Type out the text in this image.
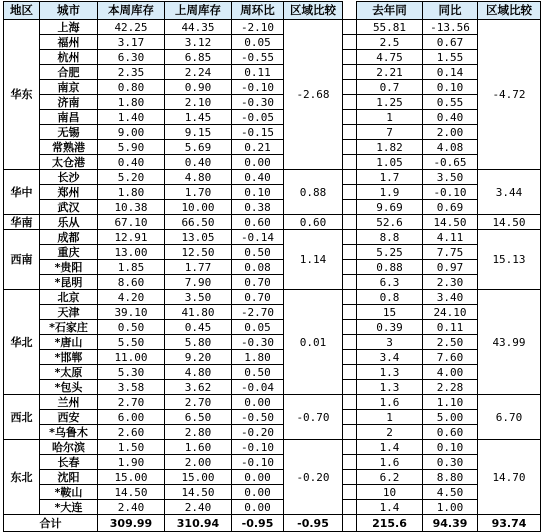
地区	城市	本周库存	上周库存	周环比	区域比较		去年同	同比	区域比较
华东	上海	42.25	44.35	-2.10	-2.68		55.81	-13.56	-4.72
	福州	3.17	3.12	0.05			2.5	0.67	
	杭州	6.30	6.85	-0.55			4.75	1.55	
	合肥	2.35	2.24	0.11			2.21	0.14	
	南京	0.80	0.90	-0.10			0.7	0.10	
	济南	1.80	2.10	-0.30			1.25	0.55	
	南昌	1.40	1.45	-0.05			1	0.40	
	无锡	9.00	9.15	-0.15			7	2.00	
	常熟港	5.90	5.69	0.21			1.82	4.08	
	太仓港	0.40	0.40	0.00			1.05	-0.65	
华中	长沙	5.20	4.80	0.40	0.88		1.7	3.50	3.44
	郑州	1.80	1.70	0.10			1.9	-0.10	
	武汉	10.38	10.00	0.38			9.69	0.69	
华南	乐从	67.10	66.50	0.60	0.60		52.6	14.50	14.50
西南	成都	12.91	13.05	-0.14	1.14		8.8	4.11	15.13
	重庆	13.00	12.50	0.50			5.25	7.75	
	*贵阳	1.85	1.77	0.08			0.88	0.97	
	*昆明	8.60	7.90	0.70			6.3	2.30	
华北	北京	4.20	3.50	0.70	0.01		0.8	3.40	43.99
	天津	39.10	41.80	-2.70			15	24.10	
	*石家庄	0.50	0.45	0.05			0.39	0.11	
	*唐山	5.50	5.80	-0.30			3	2.50	
	*邯郸	11.00	9.20	1.80			3.4	7.60	
	*太原	5.30	4.80	0.50			1.3	4.00	
	*包头	3.58	3.62	-0.04			1.3	2.28	
西北	兰州	2.70	2.70	0.00	-0.70		1.6	1.10	6.70
	西安	6.00	6.50	-0.50			1	5.00	
	*乌鲁木	2.60	2.80	-0.20			2	0.60	
东北	哈尔滨	1.50	1.60	-0.10	-0.20		1.4	0.10	14.70
	长春	1.90	2.00	-0.10			1.6	0.30	
	沈阳	15.00	15.00	0.00			6.2	8.80	
	*鞍山	14.50	14.50	0.00			10	4.50	
	*大连	2.40	2.40	0.00			1.4	1.00	
合计		309.99	310.94	-0.95	-0.95		215.6	94.39	93.74
